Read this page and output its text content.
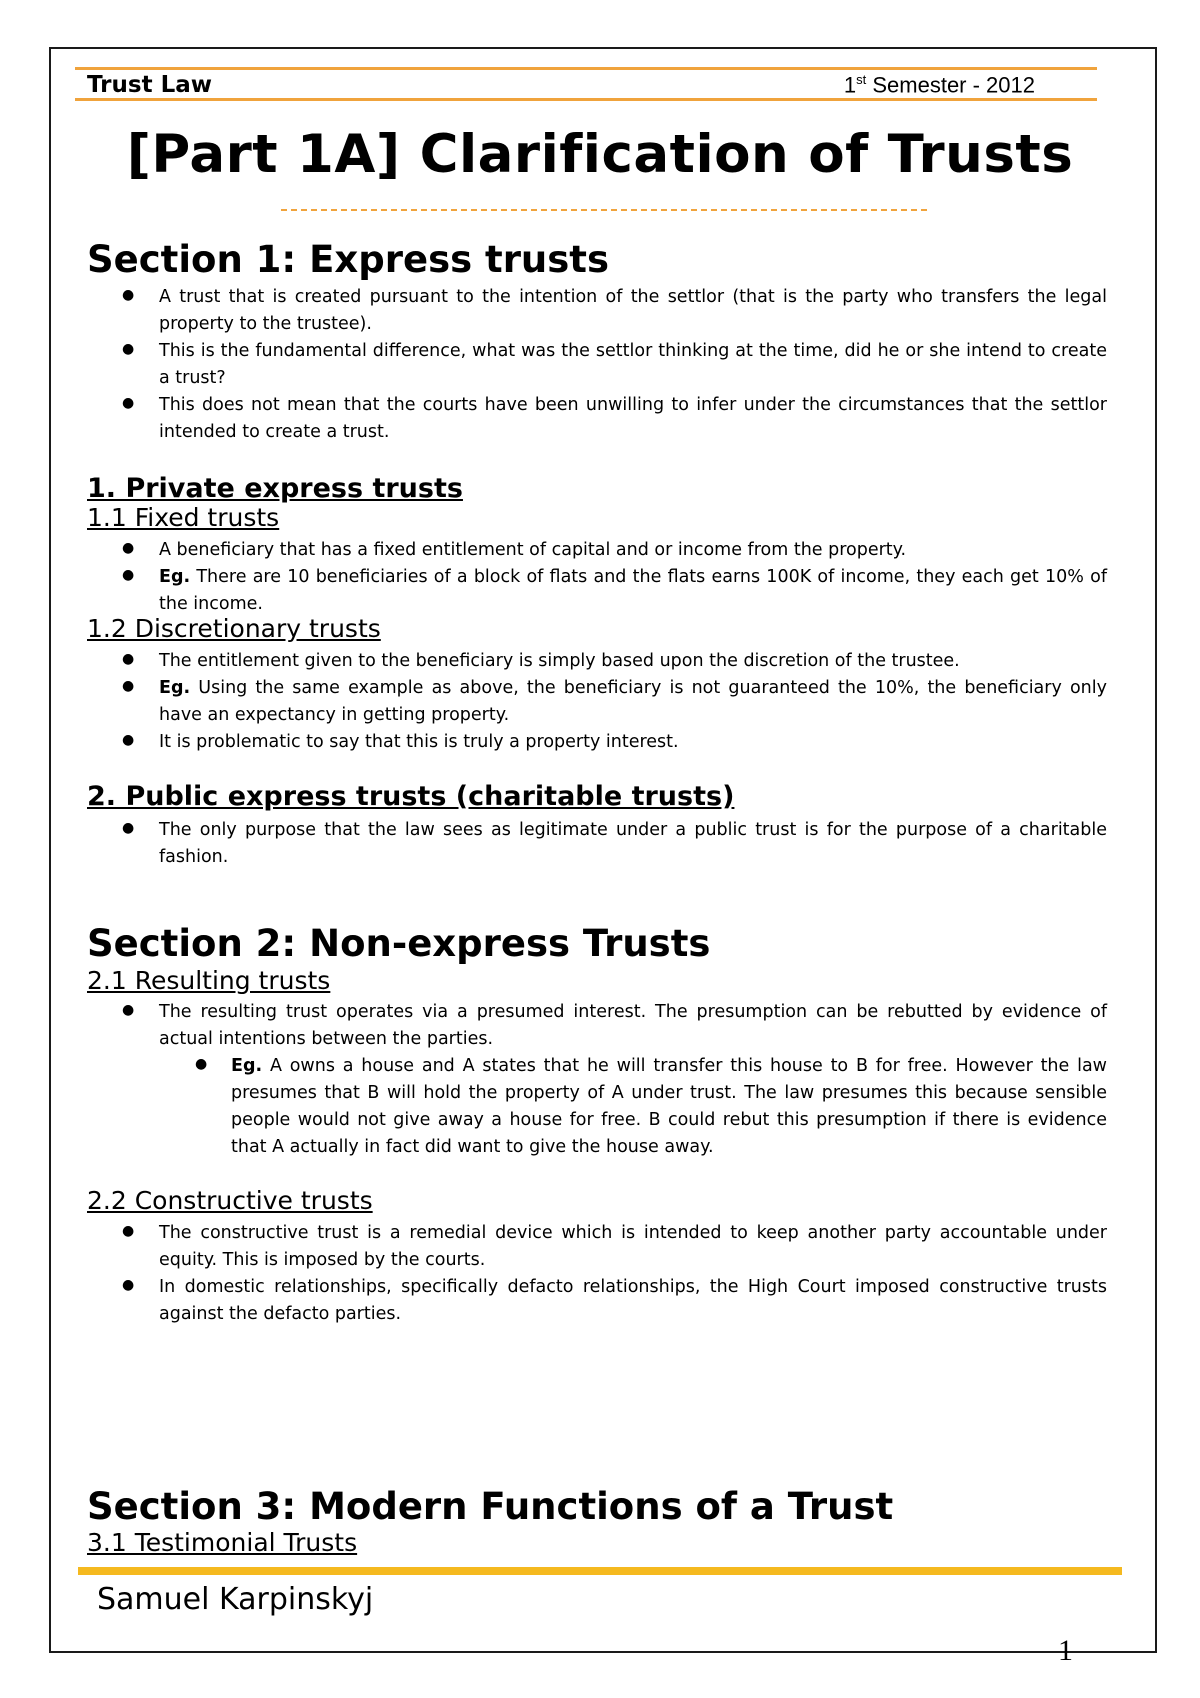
Trust Law	1st Semester - 2012
[Part 1A] Clarification of Trusts
Section 1: Express trusts
● A trust that is created pursuant to the intention of the settlor (that is the party who transfers the legal property to the trustee).
● This is the fundamental difference, what was the settlor thinking at the time, did he or she intend to create a trust?
● This does not mean that the courts have been unwilling to infer under the circumstances that the settlor intended to create a trust.
1. Private express trusts
1.1 Fixed trusts
● A beneficiary that has a fixed entitlement of capital and or income from the property.
● Eg. There are 10 beneficiaries of a block of flats and the flats earns 100K of income, they each get 10% of the income.
1.2 Discretionary trusts
● The entitlement given to the beneficiary is simply based upon the discretion of the trustee.
● Eg. Using the same example as above, the beneficiary is not guaranteed the 10%, the beneficiary only have an expectancy in getting property.
● It is problematic to say that this is truly a property interest.
2. Public express trusts (charitable trusts)
● The only purpose that the law sees as legitimate under a public trust is for the purpose of a charitable fashion.
Section 2: Non-express Trusts
2.1 Resulting trusts
● The resulting trust operates via a presumed interest. The presumption can be rebutted by evidence of actual intentions between the parties.
● Eg. A owns a house and A states that he will transfer this house to B for free. However the law presumes that B will hold the property of A under trust. The law presumes this because sensible people would not give away a house for free. B could rebut this presumption if there is evidence that A actually in fact did want to give the house away.
2.2 Constructive trusts
● The constructive trust is a remedial device which is intended to keep another party accountable under equity. This is imposed by the courts.
● In domestic relationships, specifically defacto relationships, the High Court imposed constructive trusts against the defacto parties.
Section 3: Modern Functions of a Trust
3.1 Testimonial Trusts
Samuel Karpinskyj
1
